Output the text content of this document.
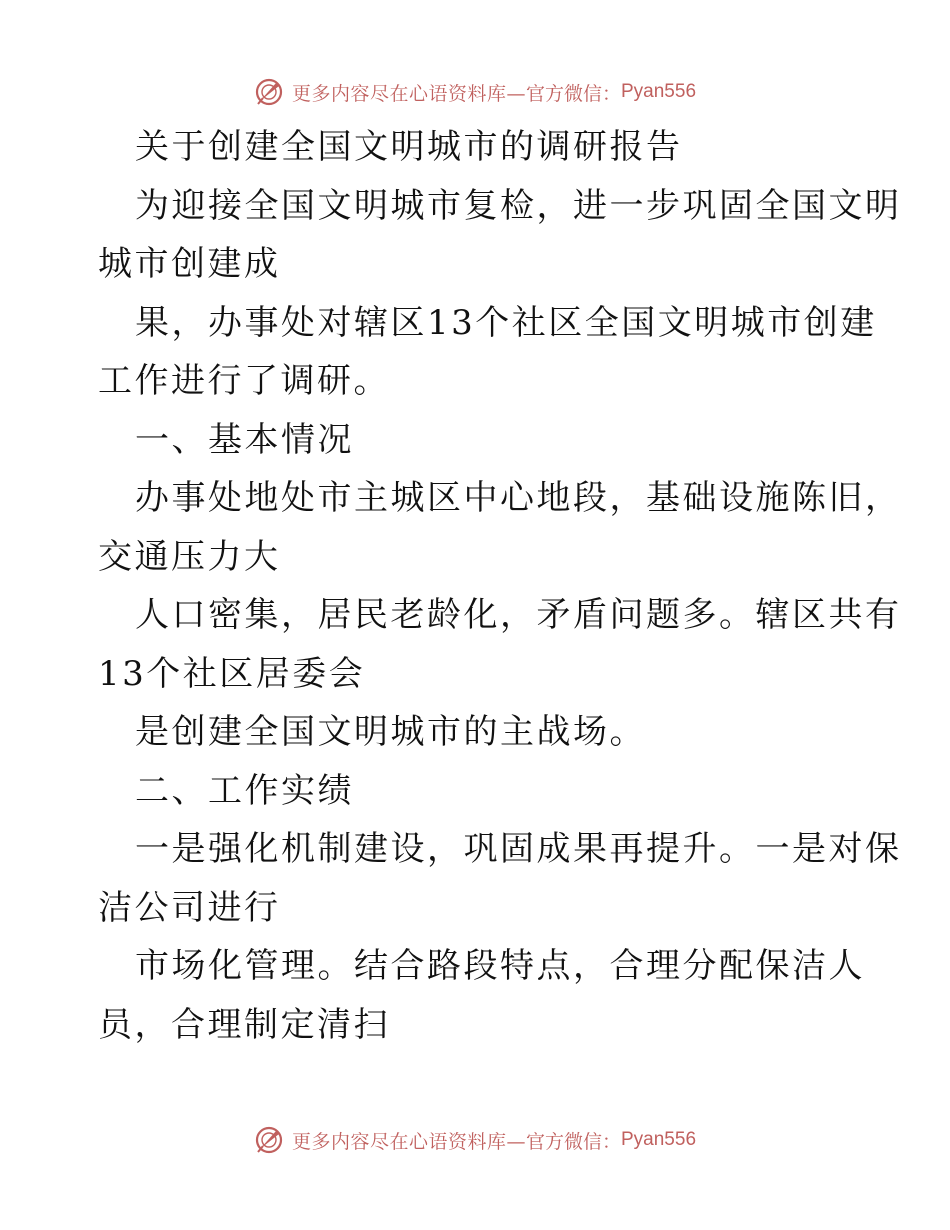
更多内容尽在心语资料库— 官方微信： Pyan556
关于创建全国文明城市的调研报告
为迎接全国文明城市复检，进一步巩固全国文明
城市创建成
果，办事处对辖区13个社区全国文明城市创建
工作进行了调研。
一、基本情况
办事处地处市主城区中心地段，基础设施陈旧，
交通压力大
人口密集，居民老龄化，矛盾问题多。辖区共有
13个社区居委会
是创建全国文明城市的主战场。
二、工作实绩
一是强化机制建设，巩固成果再提升。一是对保
洁公司进行
市场化管理。结合路段特点，合理分配保洁人
员，合理制定清扫
更多内容尽在心语资料库— 官方微信： Pyan556
